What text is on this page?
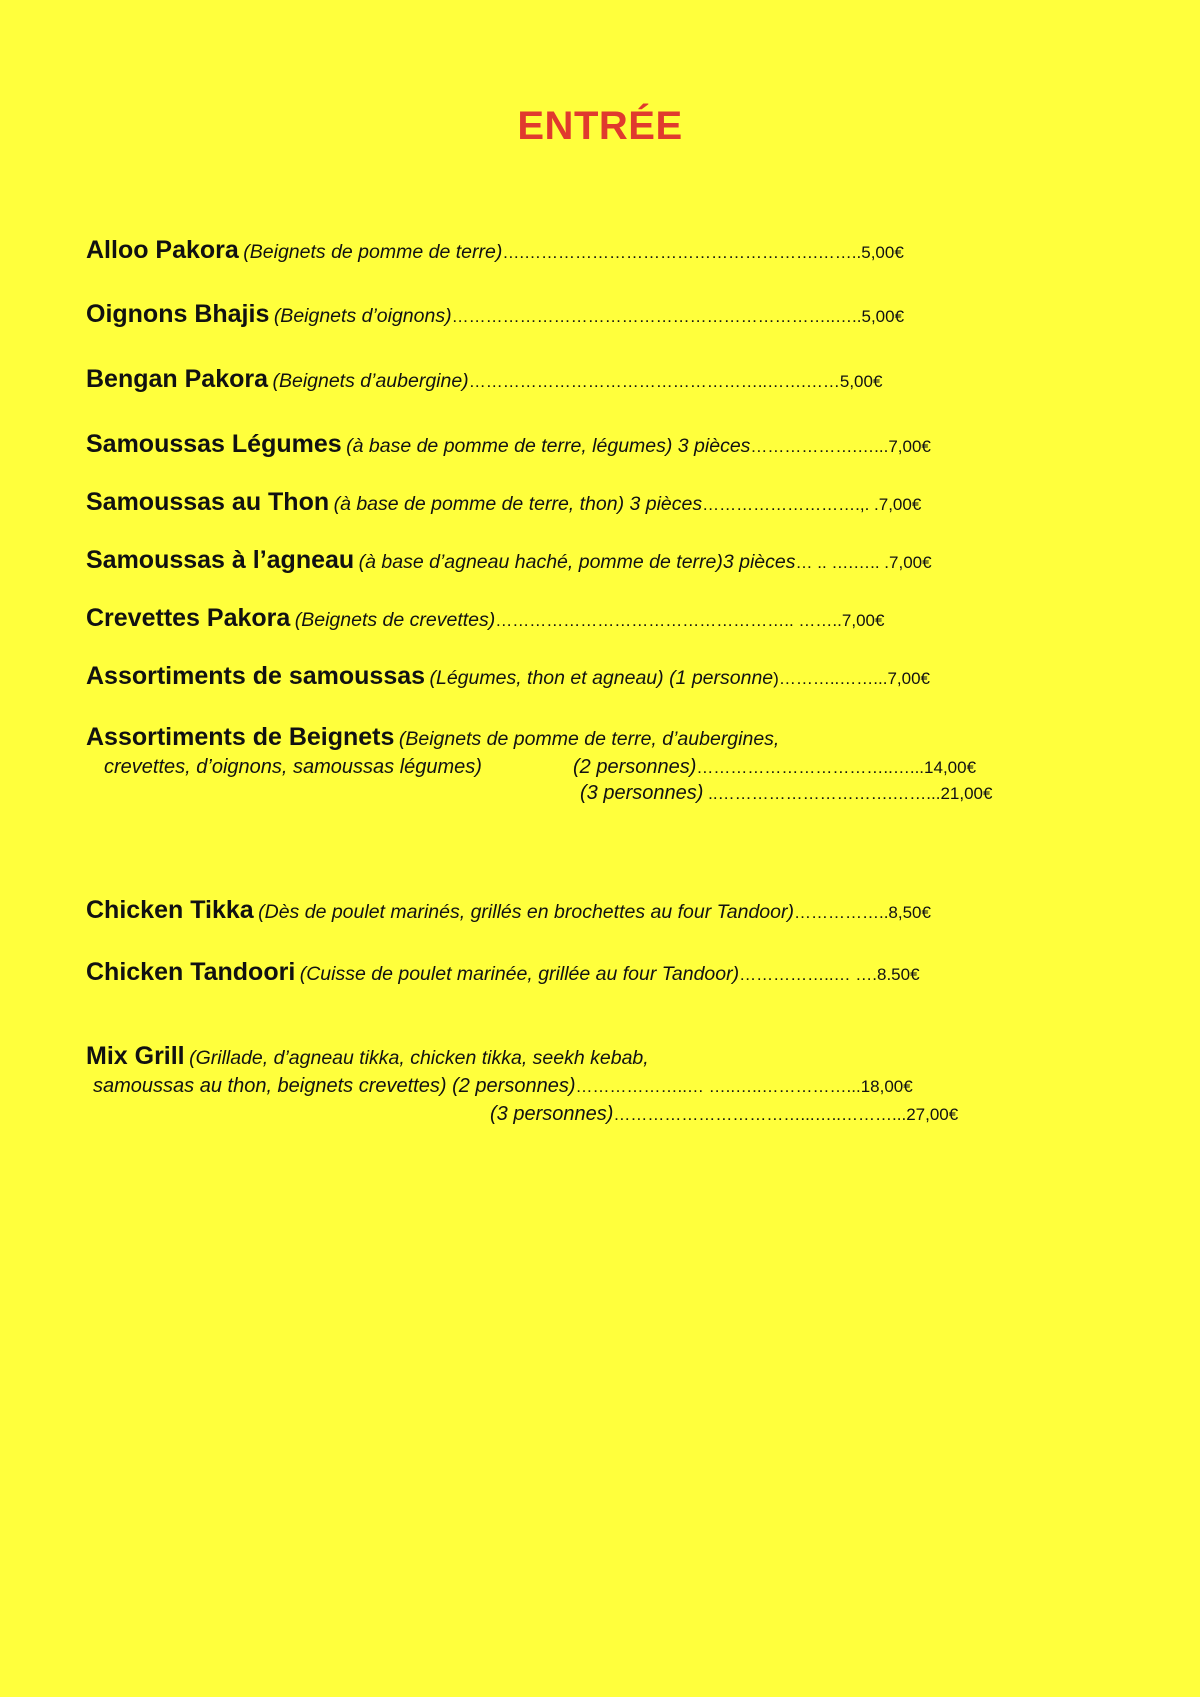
ENTRÉE
Alloo Pakora (Beignets de pomme de terre)….…………………………………………….……..5,00€
Oignons Bhajis (Beignets d’oignons)…………………………………………………………..…..5,00€
Bengan Pakora (Beignets d’aubergine)……………………………………………..…….……5,00€
Samoussas Légumes (à base de pomme de terre, légumes) 3 pièces……………….…...7,00€
Samoussas au Thon (à base de pomme de terre, thon) 3 pièces……………………….,. .7,00€
Samoussas à l’agneau (à base d’agneau haché, pomme de terre)3 pièces… .. ….….. .7,00€
Crevettes Pakora (Beignets de crevettes)…………………………………………….. ……..7,00€
Assortiments de samoussas (Légumes, thon et agneau) (1 personne)………..……...7,00€
Assortiments de Beignets (Beignets de pomme de terre, d’aubergines,
crevettes, d’oignons, samoussas légumes)	(2 personnes)……………………………..…...14,00€
(3 personnes) ..………………………….……...21,00€
Chicken Tikka (Dès de poulet marinés, grillés en brochettes au four Tandoor)……………..8,50€
Chicken Tandoori (Cuisse de poulet marinée, grillée au four Tandoor)……………..… ….8.50€
Mix Grill (Grillade, d’agneau tikka, chicken tikka, seekh kebab,
samoussas au thon, beignets crevettes) (2 personnes)………………..… …..…..……………...18,00€
(3 personnes)……………………………...…..………...27,00€
